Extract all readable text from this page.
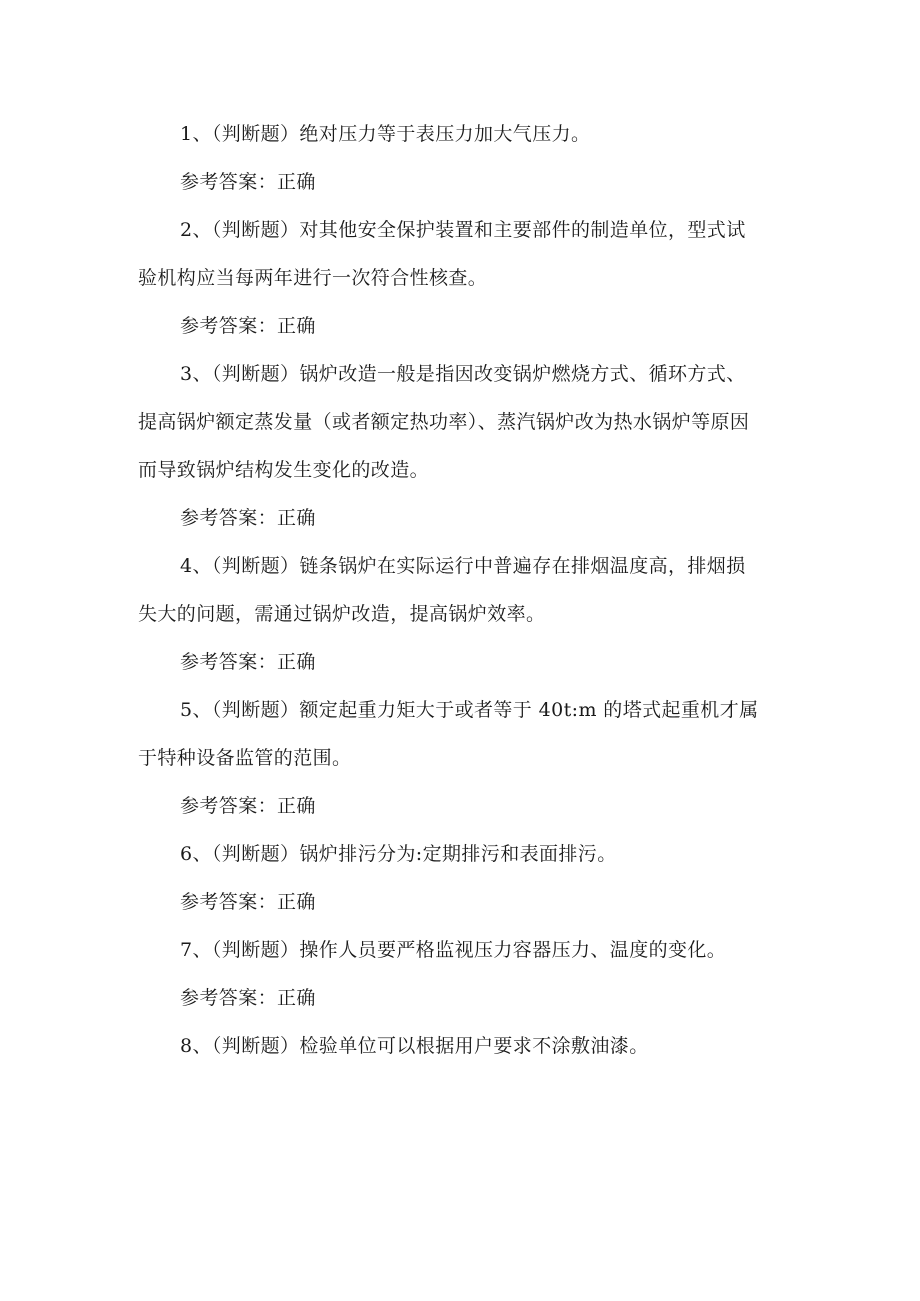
1、（判断题）绝对压力等于表压力加大气压力。

参考答案：正确

2、（判断题）对其他安全保护装置和主要部件的制造单位，型式试

验机构应当每两年进行一次符合性核查。

参考答案：正确

3、（判断题）锅炉改造一般是指因改变锅炉燃烧方式、循环方式、

提高锅炉额定蒸发量（或者额定热功率）、蒸汽锅炉改为热水锅炉等原因

而导致锅炉结构发生变化的改造。

参考答案：正确

4、（判断题）链条锅炉在实际运行中普遍存在排烟温度高，排烟损

失大的问题，需通过锅炉改造，提高锅炉效率。

参考答案：正确

5、（判断题）额定起重力矩大于或者等于 40t:m 的塔式起重机才属

于特种设备监管的范围。

参考答案：正确

6、（判断题）锅炉排污分为:定期排污和表面排污。

参考答案：正确

7、（判断题）操作人员要严格监视压力容器压力、温度的变化。

参考答案：正确

8、（判断题）检验单位可以根据用户要求不涂敷油漆。
